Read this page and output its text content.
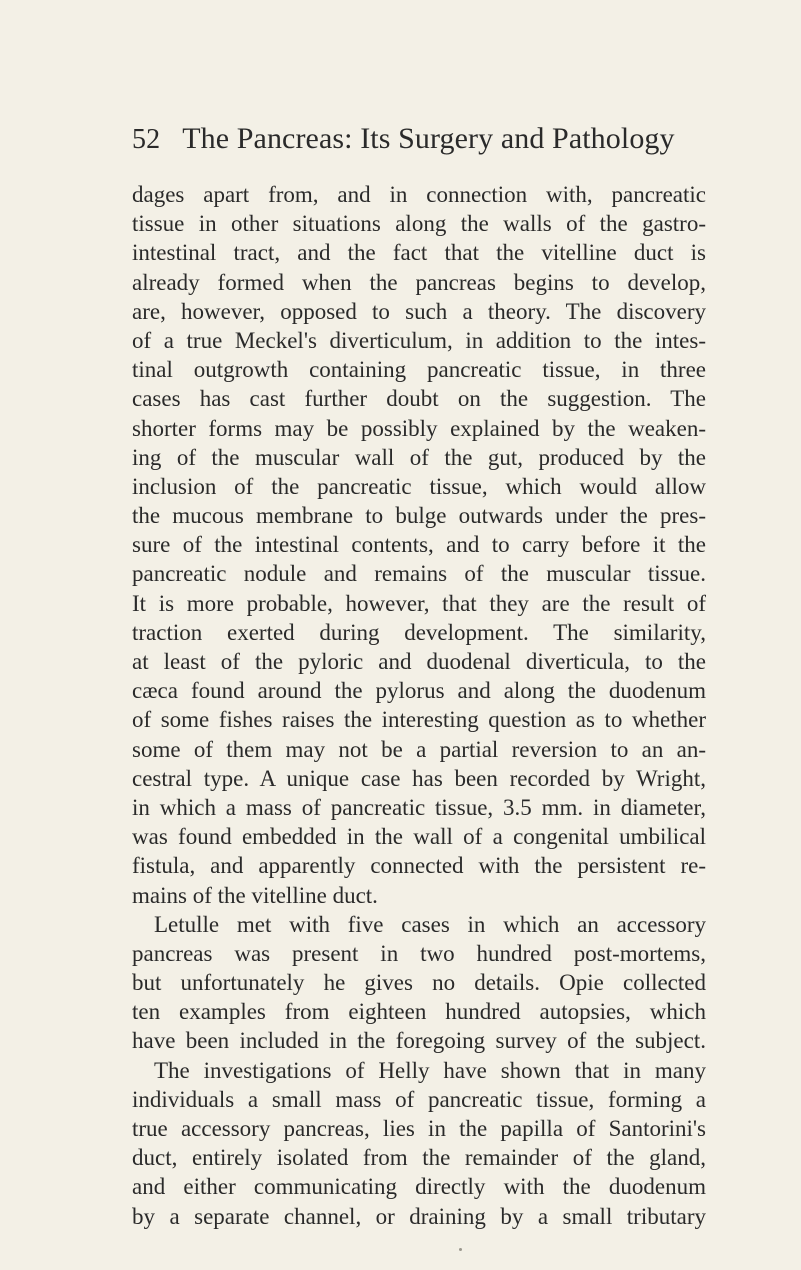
52 The Pancreas: Its Surgery and Pathology
dages apart from, and in connection with, pancreatic
tissue in other situations along the walls of the gastro-
intestinal tract, and the fact that the vitelline duct is
already formed when the pancreas begins to develop,
are, however, opposed to such a theory. The discovery
of a true Meckel's diverticulum, in addition to the intes-
tinal outgrowth containing pancreatic tissue, in three
cases has cast further doubt on the suggestion. The
shorter forms may be possibly explained by the weaken-
ing of the muscular wall of the gut, produced by the
inclusion of the pancreatic tissue, which would allow
the mucous membrane to bulge outwards under the pres-
sure of the intestinal contents, and to carry before it the
pancreatic nodule and remains of the muscular tissue.
It is more probable, however, that they are the result of
traction exerted during development. The similarity,
at least of the pyloric and duodenal diverticula, to the
cæca found around the pylorus and along the duodenum
of some fishes raises the interesting question as to whether
some of them may not be a partial reversion to an an-
cestral type. A unique case has been recorded by Wright,
in which a mass of pancreatic tissue, 3.5 mm. in diameter,
was found embedded in the wall of a congenital umbilical
fistula, and apparently connected with the persistent re-
mains of the vitelline duct.
Letulle met with five cases in which an accessory
pancreas was present in two hundred post-mortems,
but unfortunately he gives no details. Opie collected
ten examples from eighteen hundred autopsies, which
have been included in the foregoing survey of the subject.
The investigations of Helly have shown that in many
individuals a small mass of pancreatic tissue, forming a
true accessory pancreas, lies in the papilla of Santorini's
duct, entirely isolated from the remainder of the gland,
and either communicating directly with the duodenum
by a separate channel, or draining by a small tributary
